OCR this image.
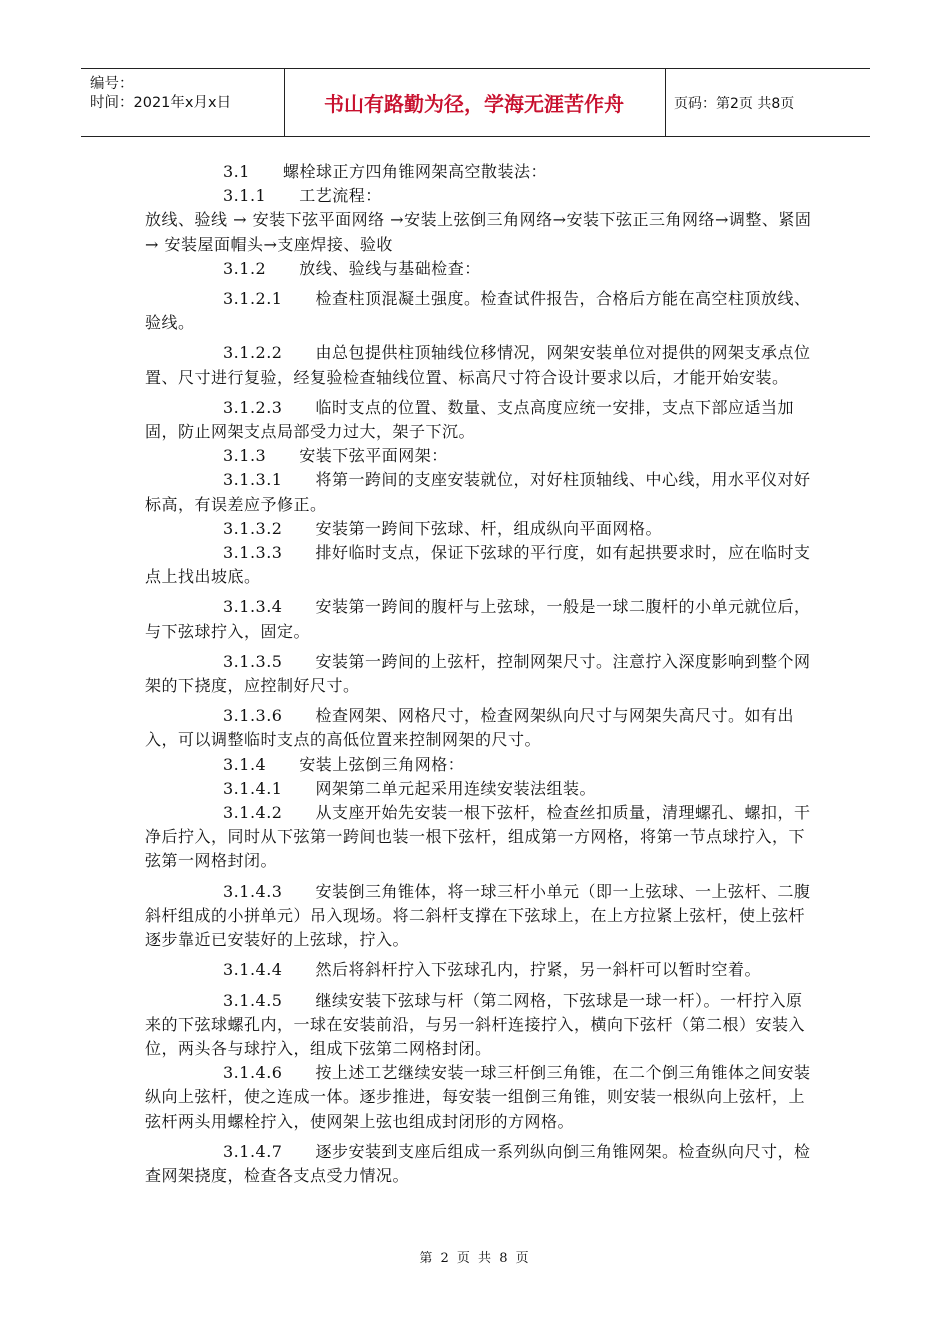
编号：
时间：2021年x月x日	书山有路勤为径，学海无涯苦作舟	页码：第2页 共8页

3.1　　螺栓球正方四角锥网架高空散装法：

3.1.1　　工艺流程：

放线、验线 → 安装下弦平面网络 →安装上弦倒三角网络→安装下弦正三角网络→调整、紧固 → 安装屋面帽头→支座焊接、验收

3.1.2　　放线、验线与基础检查：

3.1.2.1　　检查柱顶混凝土强度。检查试件报告，合格后方能在高空柱顶放线、验线。

3.1.2.2　　由总包提供柱顶轴线位移情况，网架安装单位对提供的网架支承点位置、尺寸进行复验，经复验检查轴线位置、标高尺寸符合设计要求以后，才能开始安装。

3.1.2.3　　临时支点的位置、数量、支点高度应统一安排，支点下部应适当加固，防止网架支点局部受力过大，架子下沉。

3.1.3　　安装下弦平面网架：

3.1.3.1　　将第一跨间的支座安装就位，对好柱顶轴线、中心线，用水平仪对好标高，有误差应予修正。

3.1.3.2　　安装第一跨间下弦球、杆，组成纵向平面网格。

3.1.3.3　　排好临时支点，保证下弦球的平行度，如有起拱要求时，应在临时支点上找出坡底。

3.1.3.4　　安装第一跨间的腹杆与上弦球，一般是一球二腹杆的小单元就位后，与下弦球拧入，固定。

3.1.3.5　　安装第一跨间的上弦杆，控制网架尺寸。注意拧入深度影响到整个网架的下挠度，应控制好尺寸。

3.1.3.6　　检查网架、网格尺寸，检查网架纵向尺寸与网架失高尺寸。如有出入，可以调整临时支点的高低位置来控制网架的尺寸。

3.1.4　　安装上弦倒三角网格：

3.1.4.1　　网架第二单元起采用连续安装法组装。

3.1.4.2　　从支座开始先安装一根下弦杆，检查丝扣质量，清理螺孔、螺扣，干净后拧入，同时从下弦第一跨间也装一根下弦杆，组成第一方网格，将第一节点球拧入，下弦第一网格封闭。

3.1.4.3　　安装倒三角锥体，将一球三杆小单元（即一上弦球、一上弦杆、二腹斜杆组成的小拼单元）吊入现场。将二斜杆支撑在下弦球上，在上方拉紧上弦杆，使上弦杆逐步靠近已安装好的上弦球，拧入。

3.1.4.4　　然后将斜杆拧入下弦球孔内，拧紧，另一斜杆可以暂时空着。

3.1.4.5　　继续安装下弦球与杆（第二网格，下弦球是一球一杆）。一杆拧入原来的下弦球螺孔内，一球在安装前沿，与另一斜杆连接拧入，横向下弦杆（第二根）安装入位，两头各与球拧入，组成下弦第二网格封闭。

3.1.4.6　　按上述工艺继续安装一球三杆倒三角锥，在二个倒三角锥体之间安装纵向上弦杆，使之连成一体。逐步推进，每安装一组倒三角锥，则安装一根纵向上弦杆，上弦杆两头用螺栓拧入，使网架上弦也组成封闭形的方网格。

3.1.4.7　　逐步安装到支座后组成一系列纵向倒三角锥网架。检查纵向尺寸，检查网架挠度，检查各支点受力情况。

第 2 页 共 8 页
